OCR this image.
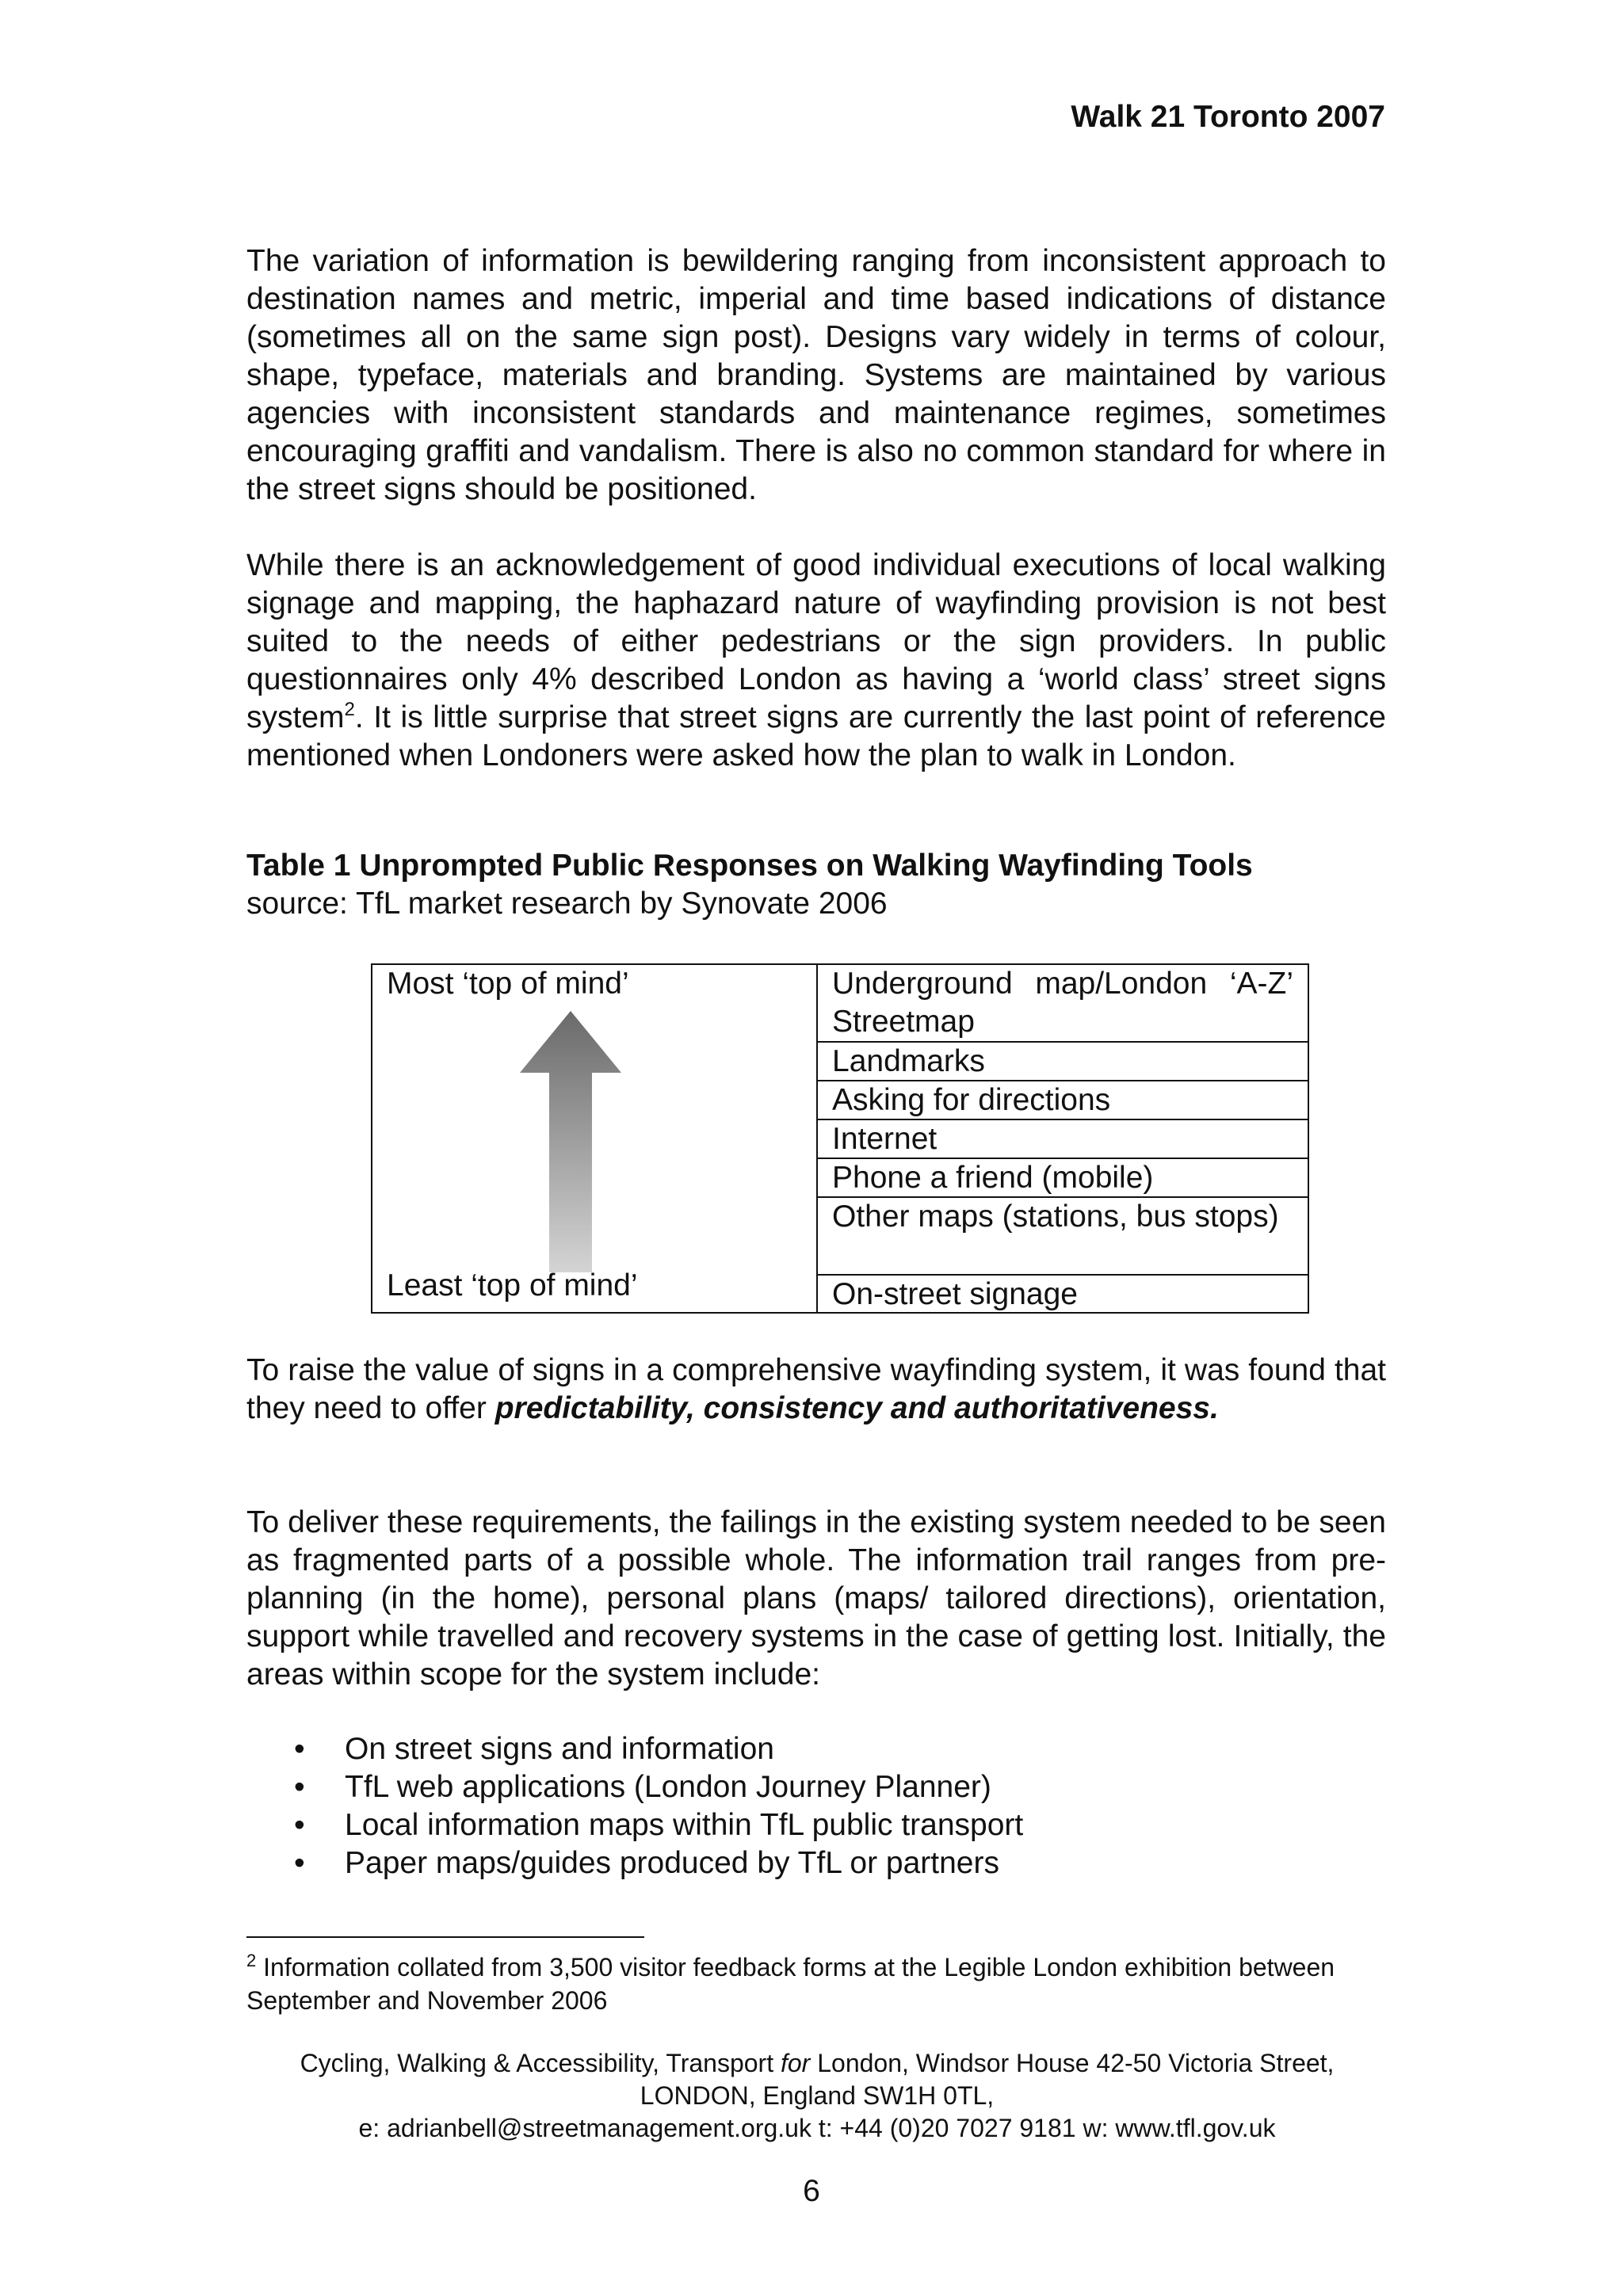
Walk 21 Toronto 2007

The variation of information is bewildering ranging from inconsistent approach to destination names and metric, imperial and time based indications of distance (sometimes all on the same sign post). Designs vary widely in terms of colour, shape, typeface, materials and branding. Systems are maintained by various agencies with inconsistent standards and maintenance regimes, sometimes encouraging graffiti and vandalism. There is also no common standard for where in the street signs should be positioned.

While there is an acknowledgement of good individual executions of local walking signage and mapping, the haphazard nature of wayfinding provision is not best suited to the needs of either pedestrians or the sign providers. In public questionnaires only 4% described London as having a ‘world class’ street signs system$^2$. It is little surprise that street signs are currently the last point of reference mentioned when Londoners were asked how the plan to walk in London.

Table 1 Unprompted Public Responses on Walking Wayfinding Tools
source: TfL market research by Synovate 2006
Most ‘top of mind’
Least ‘top of mind’
Underground map/London ‘A-Z’ Streetmap
Landmarks
Asking for directions
Internet
Phone a friend (mobile)
Other maps (stations, bus stops)
On-street signage

To raise the value of signs in a comprehensive wayfinding system, it was found that they need to offer predictability, consistency and authoritativeness.

To deliver these requirements, the failings in the existing system needed to be seen as fragmented parts of a possible whole. The information trail ranges from pre-planning (in the home), personal plans (maps/ tailored directions), orientation, support while travelled and recovery systems in the case of getting lost. Initially, the areas within scope for the system include:

• On street signs and information
• TfL web applications (London Journey Planner)
• Local information maps within TfL public transport
• Paper maps/guides produced by TfL or partners
$^2$ Information collated from 3,500 visitor feedback forms at the Legible London exhibition between September and November 2006
Cycling, Walking & Accessibility, Transport for London, Windsor House 42-50 Victoria Street,
LONDON, England SW1H 0TL,
e: adrianbell@streetmanagement.org.uk t: +44 (0)20 7027 9181 w: www.tfl.gov.uk
6
